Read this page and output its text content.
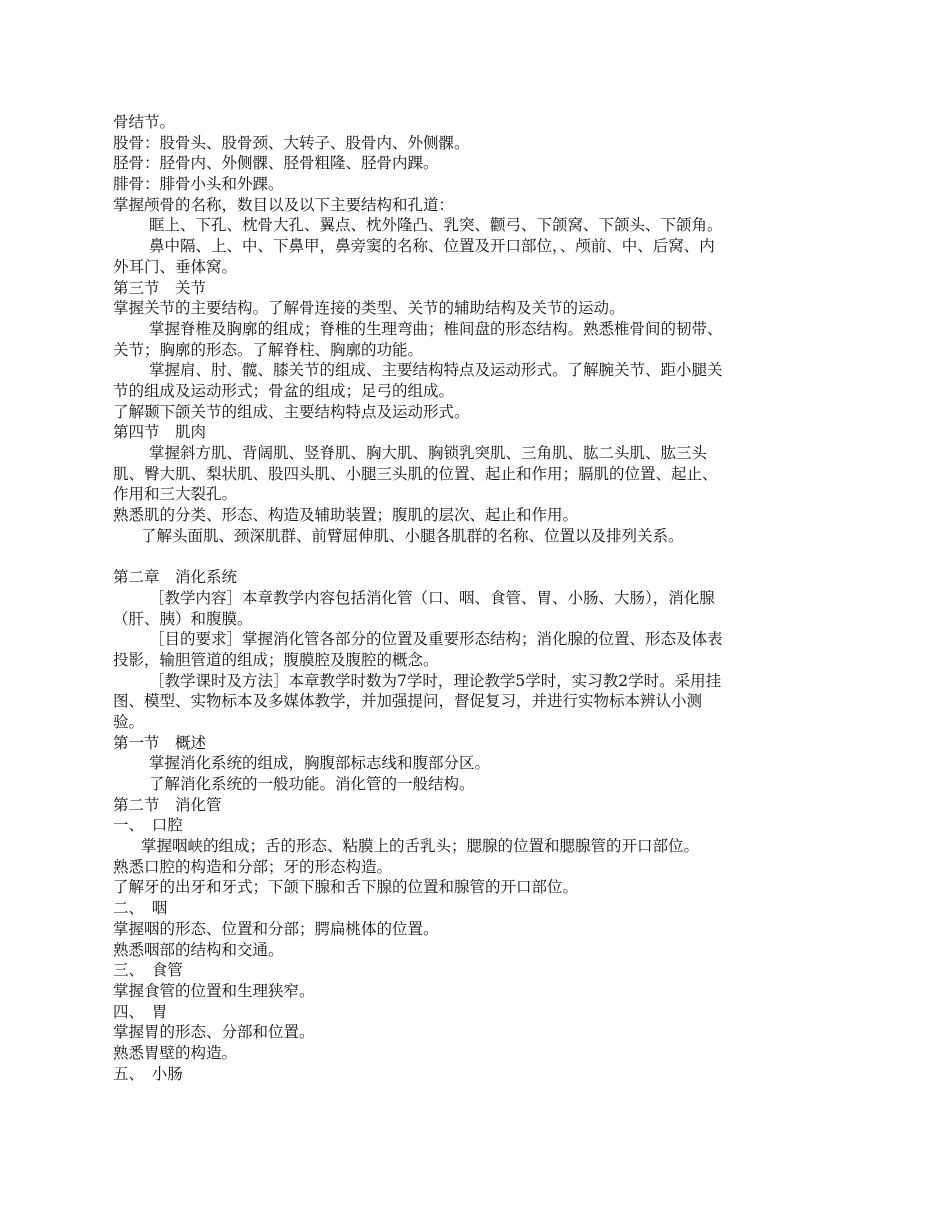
骨结节。
股骨：股骨头、股骨颈、大转子、股骨内、外侧髁。
胫骨：胫骨内、外侧髁、胫骨粗隆、胫骨内踝。
腓骨：腓骨小头和外踝。
掌握颅骨的名称，数目以及以下主要结构和孔道：
眶上、下孔、枕骨大孔、翼点、枕外隆凸、乳突、颧弓、下颌窝、下颌头、下颌角。
鼻中隔、上、中、下鼻甲，鼻旁窦的名称、位置及开口部位，、颅前、中、后窝、内
外耳门、垂体窝。
第三节　关节
掌握关节的主要结构。了解骨连接的类型、关节的辅助结构及关节的运动。
掌握脊椎及胸廓的组成；脊椎的生理弯曲；椎间盘的形态结构。熟悉椎骨间的韧带、
关节；胸廓的形态。了解脊柱、胸廓的功能。
掌握肩、肘、髋、膝关节的组成、主要结构特点及运动形式。了解腕关节、距小腿关
节的组成及运动形式；骨盆的组成；足弓的组成。
了解颞下颌关节的组成、主要结构特点及运动形式。
第四节　肌肉
掌握斜方肌、背阔肌、竖脊肌、胸大肌、胸锁乳突肌、三角肌、肱二头肌、肱三头
肌、臀大肌、梨状肌、股四头肌、小腿三头肌的位置、起止和作用；膈肌的位置、起止、
作用和三大裂孔。
熟悉肌的分类、形态、构造及辅助装置；腹肌的层次、起止和作用。
了解头面肌、颈深肌群、前臂屈伸肌、小腿各肌群的名称、位置以及排列关系。
第二章　消化系统
［教学内容］本章教学内容包括消化管（口、咽、食管、胃、小肠、大肠），消化腺
（肝、胰）和腹膜。
［目的要求］掌握消化管各部分的位置及重要形态结构；消化腺的位置、形态及体表
投影，输胆管道的组成；腹膜腔及腹腔的概念。
［教学课时及方法］本章教学时数为7学时，理论教学5学时，实习教2学时。采用挂
图、模型、实物标本及多媒体教学，并加强提问，督促复习，并进行实物标本辨认小测
验。
第一节　概述
掌握消化系统的组成，胸腹部标志线和腹部分区。
了解消化系统的一般功能。消化管的一般结构。
第二节　消化管
一、　口腔
掌握咽峡的组成；舌的形态、粘膜上的舌乳头；腮腺的位置和腮腺管的开口部位。
熟悉口腔的构造和分部；牙的形态构造。
了解牙的出牙和牙式；下颌下腺和舌下腺的位置和腺管的开口部位。
二、　咽
掌握咽的形态、位置和分部；腭扁桃体的位置。
熟悉咽部的结构和交通。
三、　食管
掌握食管的位置和生理狭窄。
四、　胃
掌握胃的形态、分部和位置。
熟悉胃壁的构造。
五、　小肠
